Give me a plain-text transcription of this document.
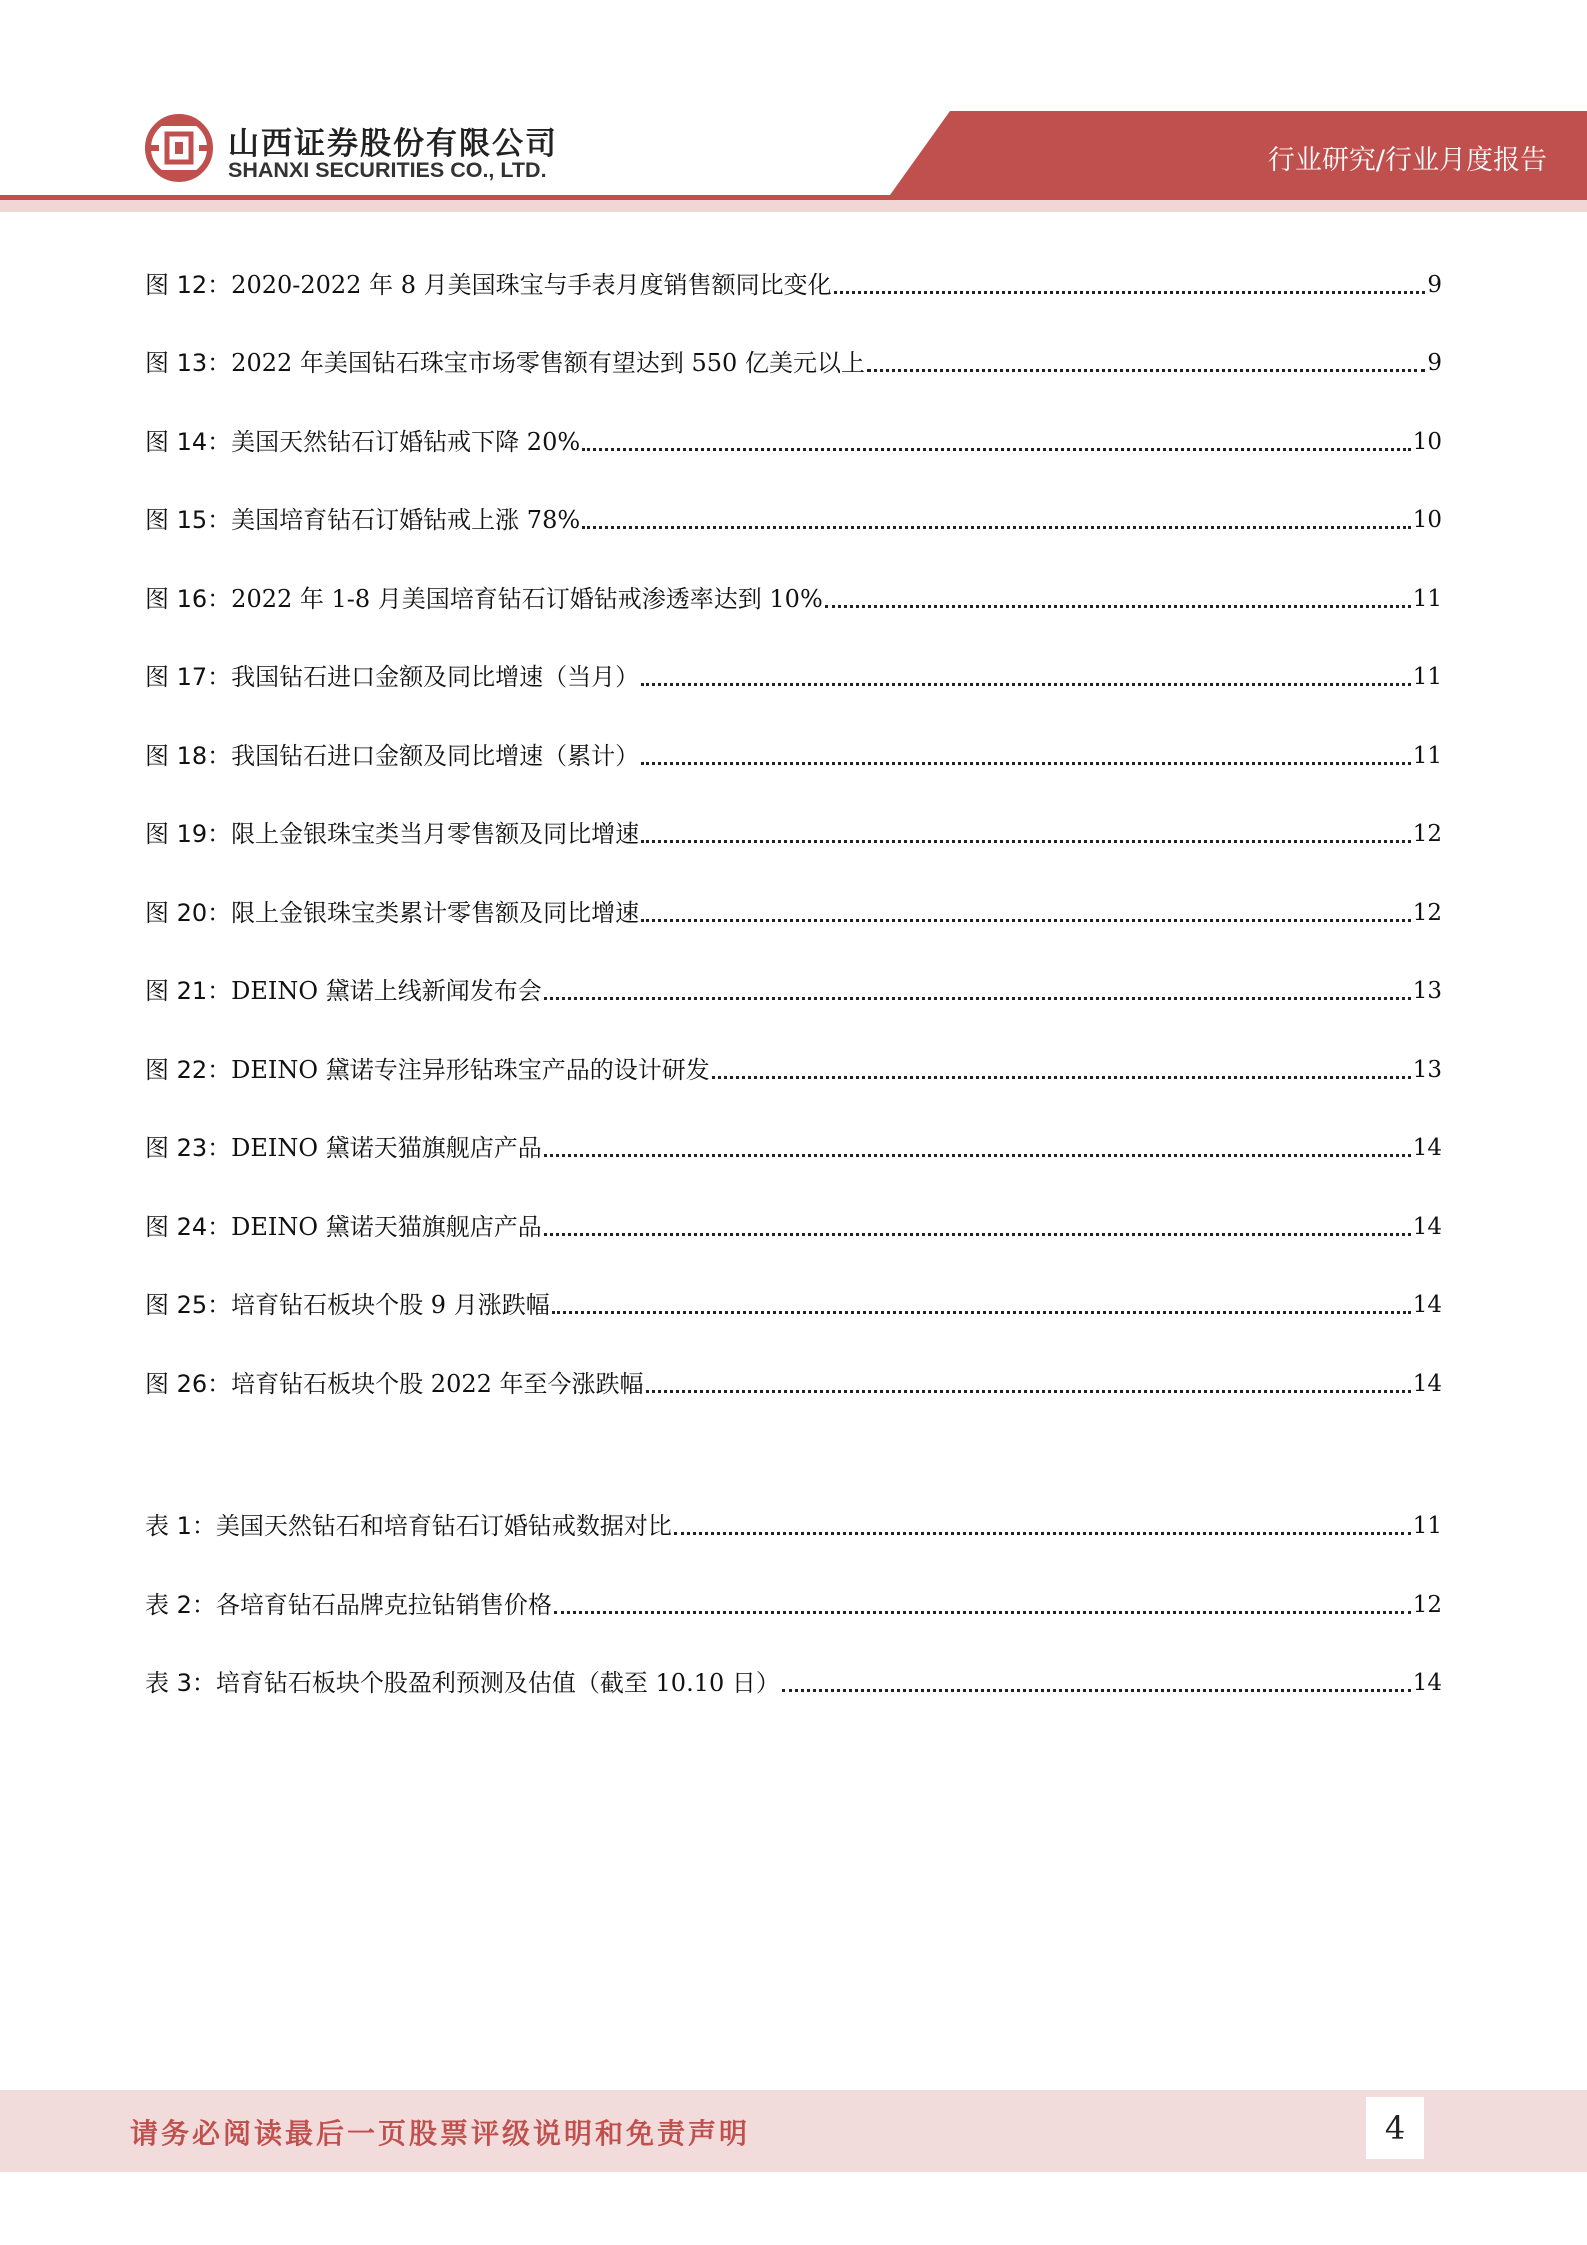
山西证券股份有限公司
SHANXI SECURITIES CO., LTD.	行业研究/行业月度报告
图 12： 2020-2022 年 8 月美国珠宝与手表月度销售额同比变化	9
图 13： 2022 年美国钻石珠宝市场零售额有望达到 550 亿美元以上	9
图 14： 美国天然钻石订婚钻戒下降 20%	10
图 15： 美国培育钻石订婚钻戒上涨 78%	10
图 16： 2022 年 1-8 月美国培育钻石订婚钻戒渗透率达到 10%	11
图 17： 我国钻石进口金额及同比增速（当月）	11
图 18： 我国钻石进口金额及同比增速（累计）	11
图 19： 限上金银珠宝类当月零售额及同比增速	12
图 20： 限上金银珠宝类累计零售额及同比增速	12
图 21： DEINO 黛诺上线新闻发布会	13
图 22： DEINO 黛诺专注异形钻珠宝产品的设计研发	13
图 23： DEINO 黛诺天猫旗舰店产品	14
图 24： DEINO 黛诺天猫旗舰店产品	14
图 25： 培育钻石板块个股 9 月涨跌幅	14
图 26： 培育钻石板块个股 2022 年至今涨跌幅	14
表 1： 美国天然钻石和培育钻石订婚钻戒数据对比	11
表 2： 各培育钻石品牌克拉钻销售价格	12
表 3： 培育钻石板块个股盈利预测及估值（截至 10.10 日）	14
请务必阅读最后一页股票评级说明和免责声明	4
